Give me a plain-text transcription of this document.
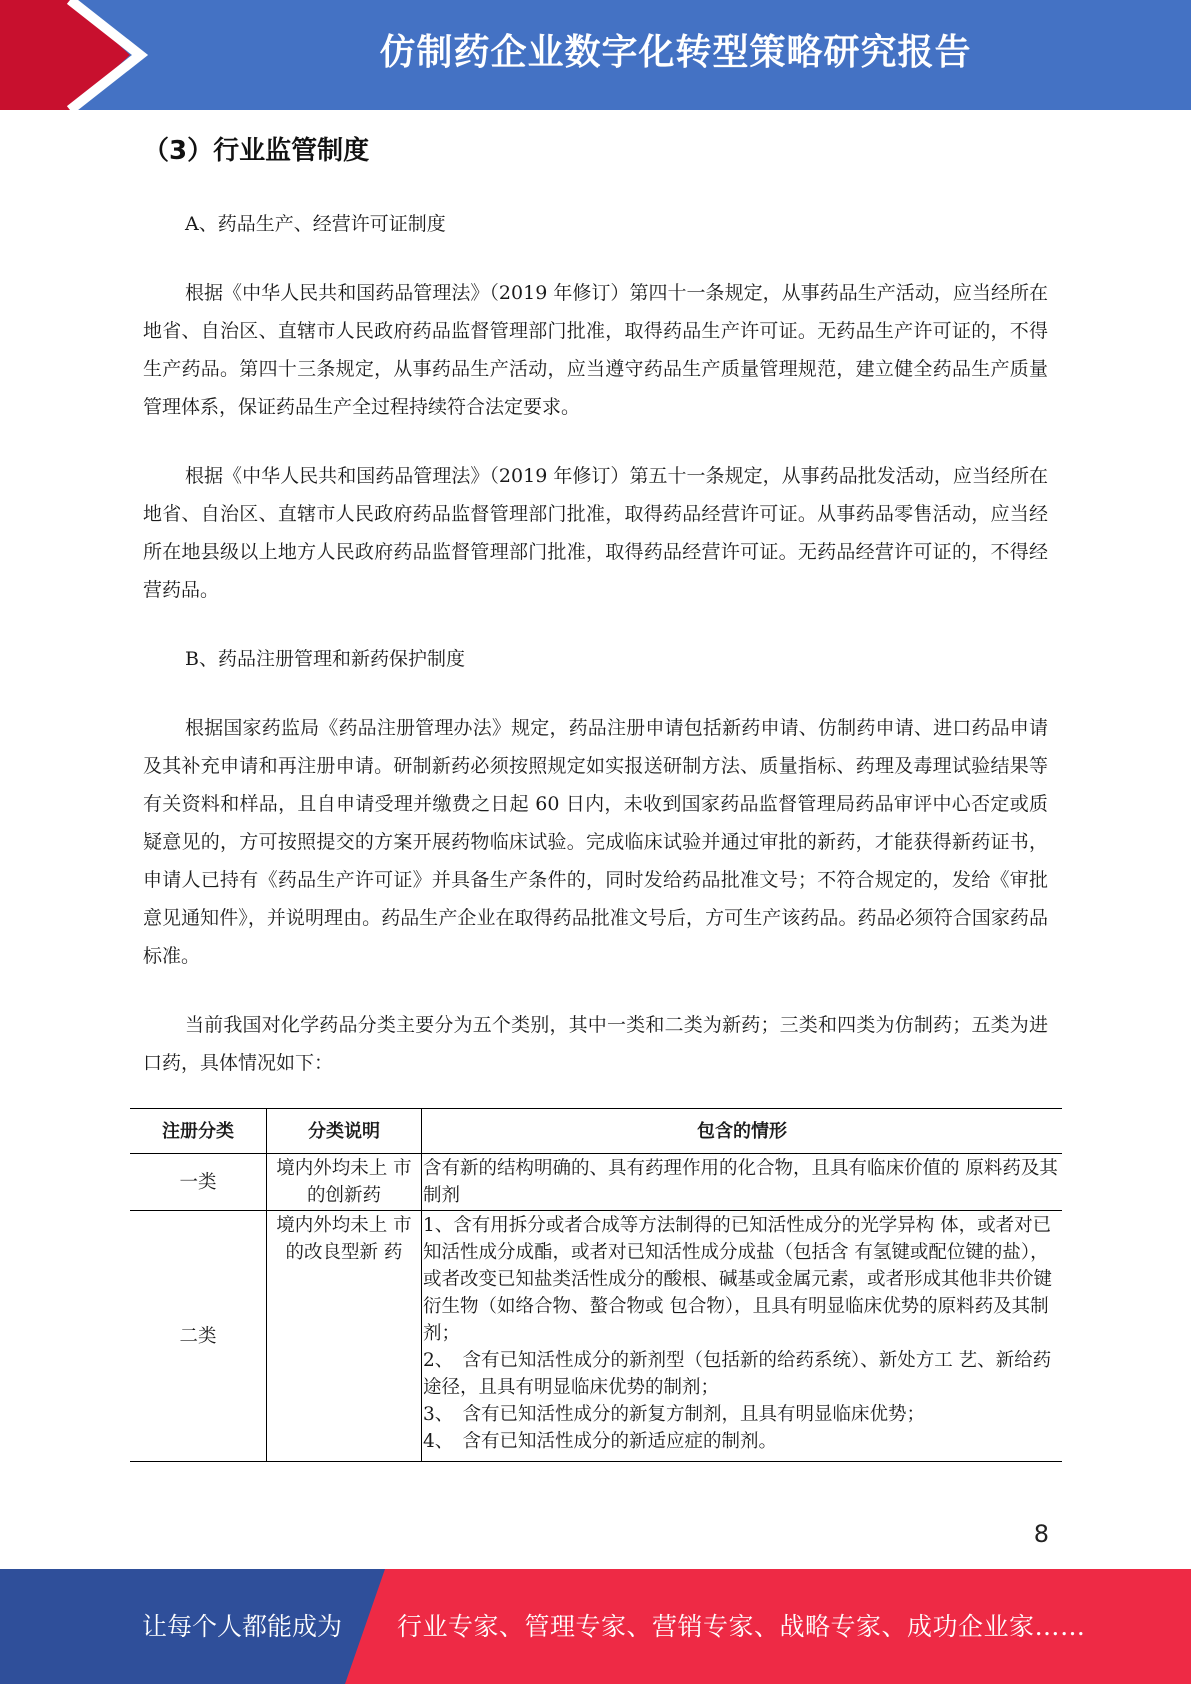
仿制药企业数字化转型策略研究报告
（3）行业监管制度
A、药品生产、经营许可证制度

根据《中华人民共和国药品管理法》（2019 年修订）第四十一条规定，从事药品生产活动，应当经所在地省、自治区、直辖市人民政府药品监督管理部门批准，取得药品生产许可证。无药品生产许可证的，不得生产药品。第四十三条规定，从事药品生产活动，应当遵守药品生产质量管理规范，建立健全药品生产质量管理体系，保证药品生产全过程持续符合法定要求。

根据《中华人民共和国药品管理法》（2019 年修订）第五十一条规定，从事药品批发活动，应当经所在地省、自治区、直辖市人民政府药品监督管理部门批准，取得药品经营许可证。从事药品零售活动，应当经所在地县级以上地方人民政府药品监督管理部门批准，取得药品经营许可证。无药品经营许可证的，不得经营药品。

B、药品注册管理和新药保护制度

根据国家药监局《药品注册管理办法》规定，药品注册申请包括新药申请、仿制药申请、进口药品申请及其补充申请和再注册申请。研制新药必须按照规定如实报送研制方法、质量指标、药理及毒理试验结果等有关资料和样品，且自申请受理并缴费之日起 60 日内，未收到国家药品监督管理局药品审评中心否定或质疑意见的，方可按照提交的方案开展药物临床试验。完成临床试验并通过审批的新药，才能获得新药证书，申请人已持有《药品生产许可证》并具备生产条件的，同时发给药品批准文号；不符合规定的，发给《审批意见通知件》，并说明理由。药品生产企业在取得药品批准文号后，方可生产该药品。药品必须符合国家药品标准。

当前我国对化学药品分类主要分为五个类别，其中一类和二类为新药；三类和四类为仿制药；五类为进口药，具体情况如下：

注册分类	分类说明	包含的情形
一类	境内外均未上 市的创新药	含有新的结构明确的、具有药理作用的化合物，且具有临床价值的 原料药及其制剂

二类	境内外均未上 市的改良型新 药	1、含有用拆分或者合成等方法制得的已知活性成分的光学异构 体，或者对已知活性成分成酯，或者对已知活性成分成盐（包括含 有氢键或配位键的盐），或者改变已知盐类活性成分的酸根、碱基或金属元素，或者形成其他非共价键衍生物（如络合物、螯合物或 包合物），且具有明显临床优势的原料药及其制剂；
2、　含有已知活性成分的新剂型（包括新的给药系统）、新处方工 艺、新给药途径，且具有明显临床优势的制剂；
3、　含有已知活性成分的新复方制剂，且具有明显临床优势；
4、　含有已知活性成分的新适应症的制剂。
8
让每个人都能成为 行业专家、管理专家、营销专家、战略专家、成功企业家……
